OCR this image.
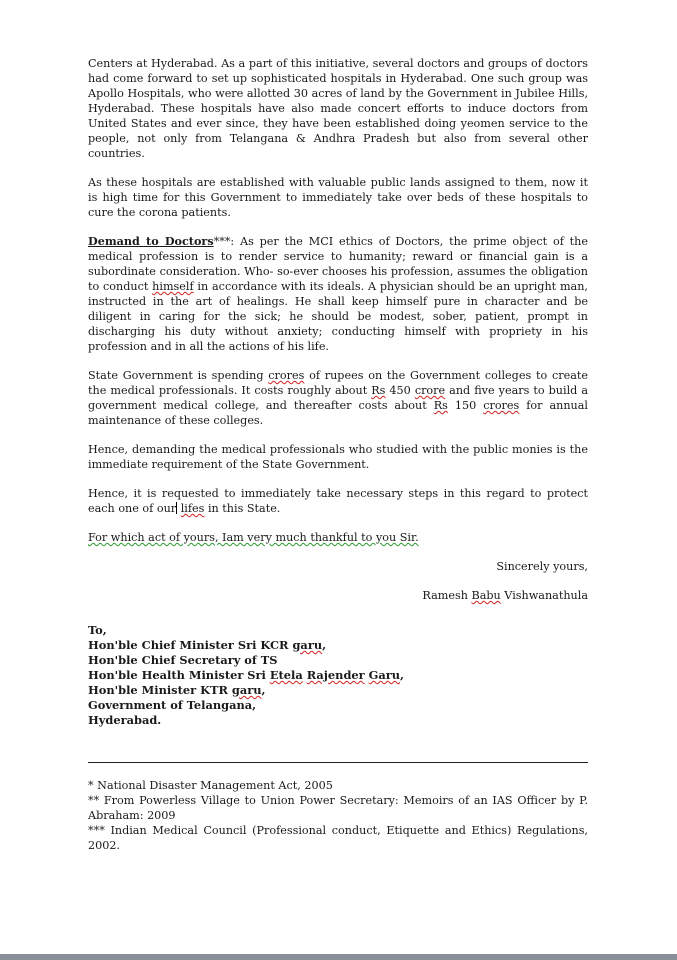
Centers at Hyderabad. As a part of this initiative, several doctors and groups of doctors had come forward to set up sophisticated hospitals in Hyderabad. One such group was Apollo Hospitals, who were allotted 30 acres of land by the Government in Jubilee Hills, Hyderabad. These hospitals have also made concert efforts to induce doctors from United States and ever since, they have been established doing yeomen service to the people, not only from Telangana & Andhra Pradesh but also from several other countries.

As these hospitals are established with valuable public lands assigned to them, now it is high time for this Government to immediately take over beds of these hospitals to cure the corona patients.

Demand to Doctors***: As per the MCI ethics of Doctors, the prime object of the medical profession is to render service to humanity; reward or financial gain is a subordinate consideration. Who- so-ever chooses his profession, assumes the obligation to conduct himself in accordance with its ideals. A physician should be an upright man, instructed in the art of healings. He shall keep himself pure in character and be diligent in caring for the sick; he should be modest, sober, patient, prompt in discharging his duty without anxiety; conducting himself with propriety in his profession and in all the actions of his life.

State Government is spending crores of rupees on the Government colleges to create the medical professionals. It costs roughly about Rs 450 crore and five years to build a government medical college, and thereafter costs about Rs 150 crores for annual maintenance of these colleges.

Hence, demanding the medical professionals who studied with the public monies is the immediate requirement of the State Government.

Hence, it is requested to immediately take necessary steps in this regard to protect each one of our lifes in this State.

For which act of yours, Iam very much thankful to you Sir.

Sincerely yours,

Ramesh Babu Vishwanathula

To,
Hon'ble Chief Minister Sri KCR garu,
Hon'ble Chief Secretary of TS
Hon'ble Health Minister Sri Etela Rajender Garu,
Hon'ble Minister KTR garu,
Government of Telangana,
Hyderabad.

* National Disaster Management Act, 2005

** From Powerless Village to Union Power Secretary: Memoirs of an IAS Officer by P. Abraham: 2009

*** Indian Medical Council (Professional conduct, Etiquette and Ethics) Regulations, 2002.
